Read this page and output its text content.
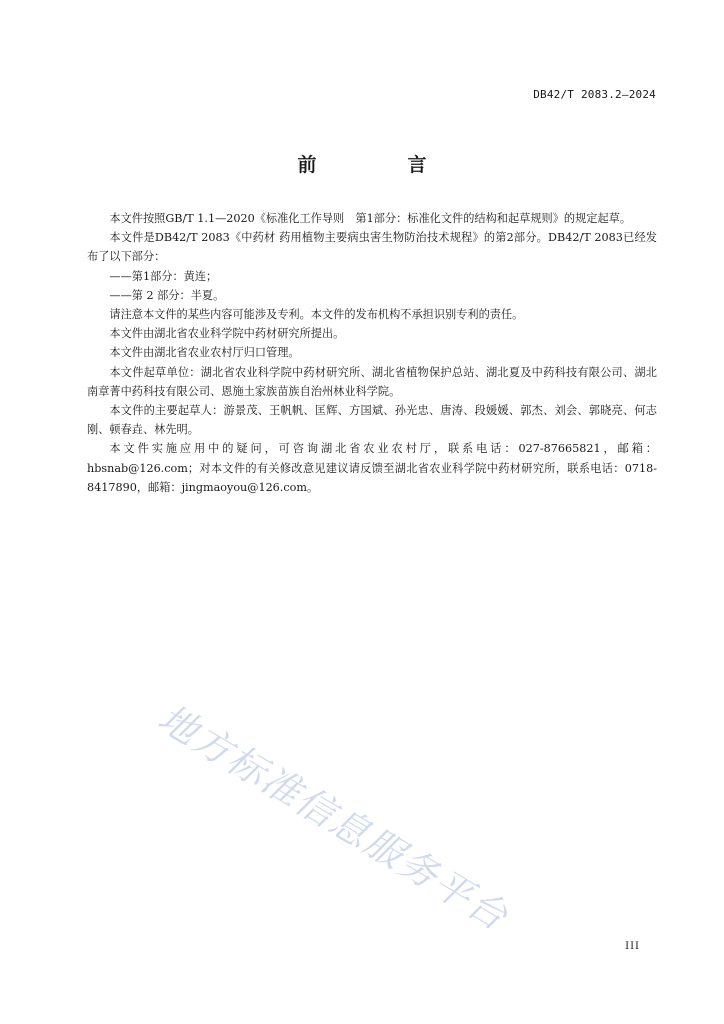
DB42/T 2083.2—2024
前　言

本文件按照GB/T 1.1—2020《标准化工作导则　第1部分：标准化文件的结构和起草规则》的规定起草。

本文件是DB42/T 2083《中药材 药用植物主要病虫害生物防治技术规程》的第2部分。DB42/T 2083已经发布了以下部分：

——第1部分：黄连；

——第 2 部分：半夏。

请注意本文件的某些内容可能涉及专利。本文件的发布机构不承担识别专利的责任。

本文件由湖北省农业科学院中药材研究所提出。

本文件由湖北省农业农村厅归口管理。

本文件起草单位：湖北省农业科学院中药材研究所、湖北省植物保护总站、湖北夏及中药科技有限公司、湖北南章菁中药科技有限公司、恩施土家族苗族自治州林业科学院。

本文件的主要起草人：游景茂、王帆帆、匡辉、方国斌、孙光忠、唐涛、段媛媛、郭杰、刘会、郭晓亮、何志刚、顿春垚、林先明。

本文件实施应用中的疑问，可咨询湖北省农业农村厅，联系电话：027-87665821，邮箱：hbsnab@126.com；对本文件的有关修改意见建议请反馈至湖北省农业科学院中药材研究所，联系电话：0718-8417890，邮箱：jingmaoyou@126.com。

地方标准信息服务平台
III
